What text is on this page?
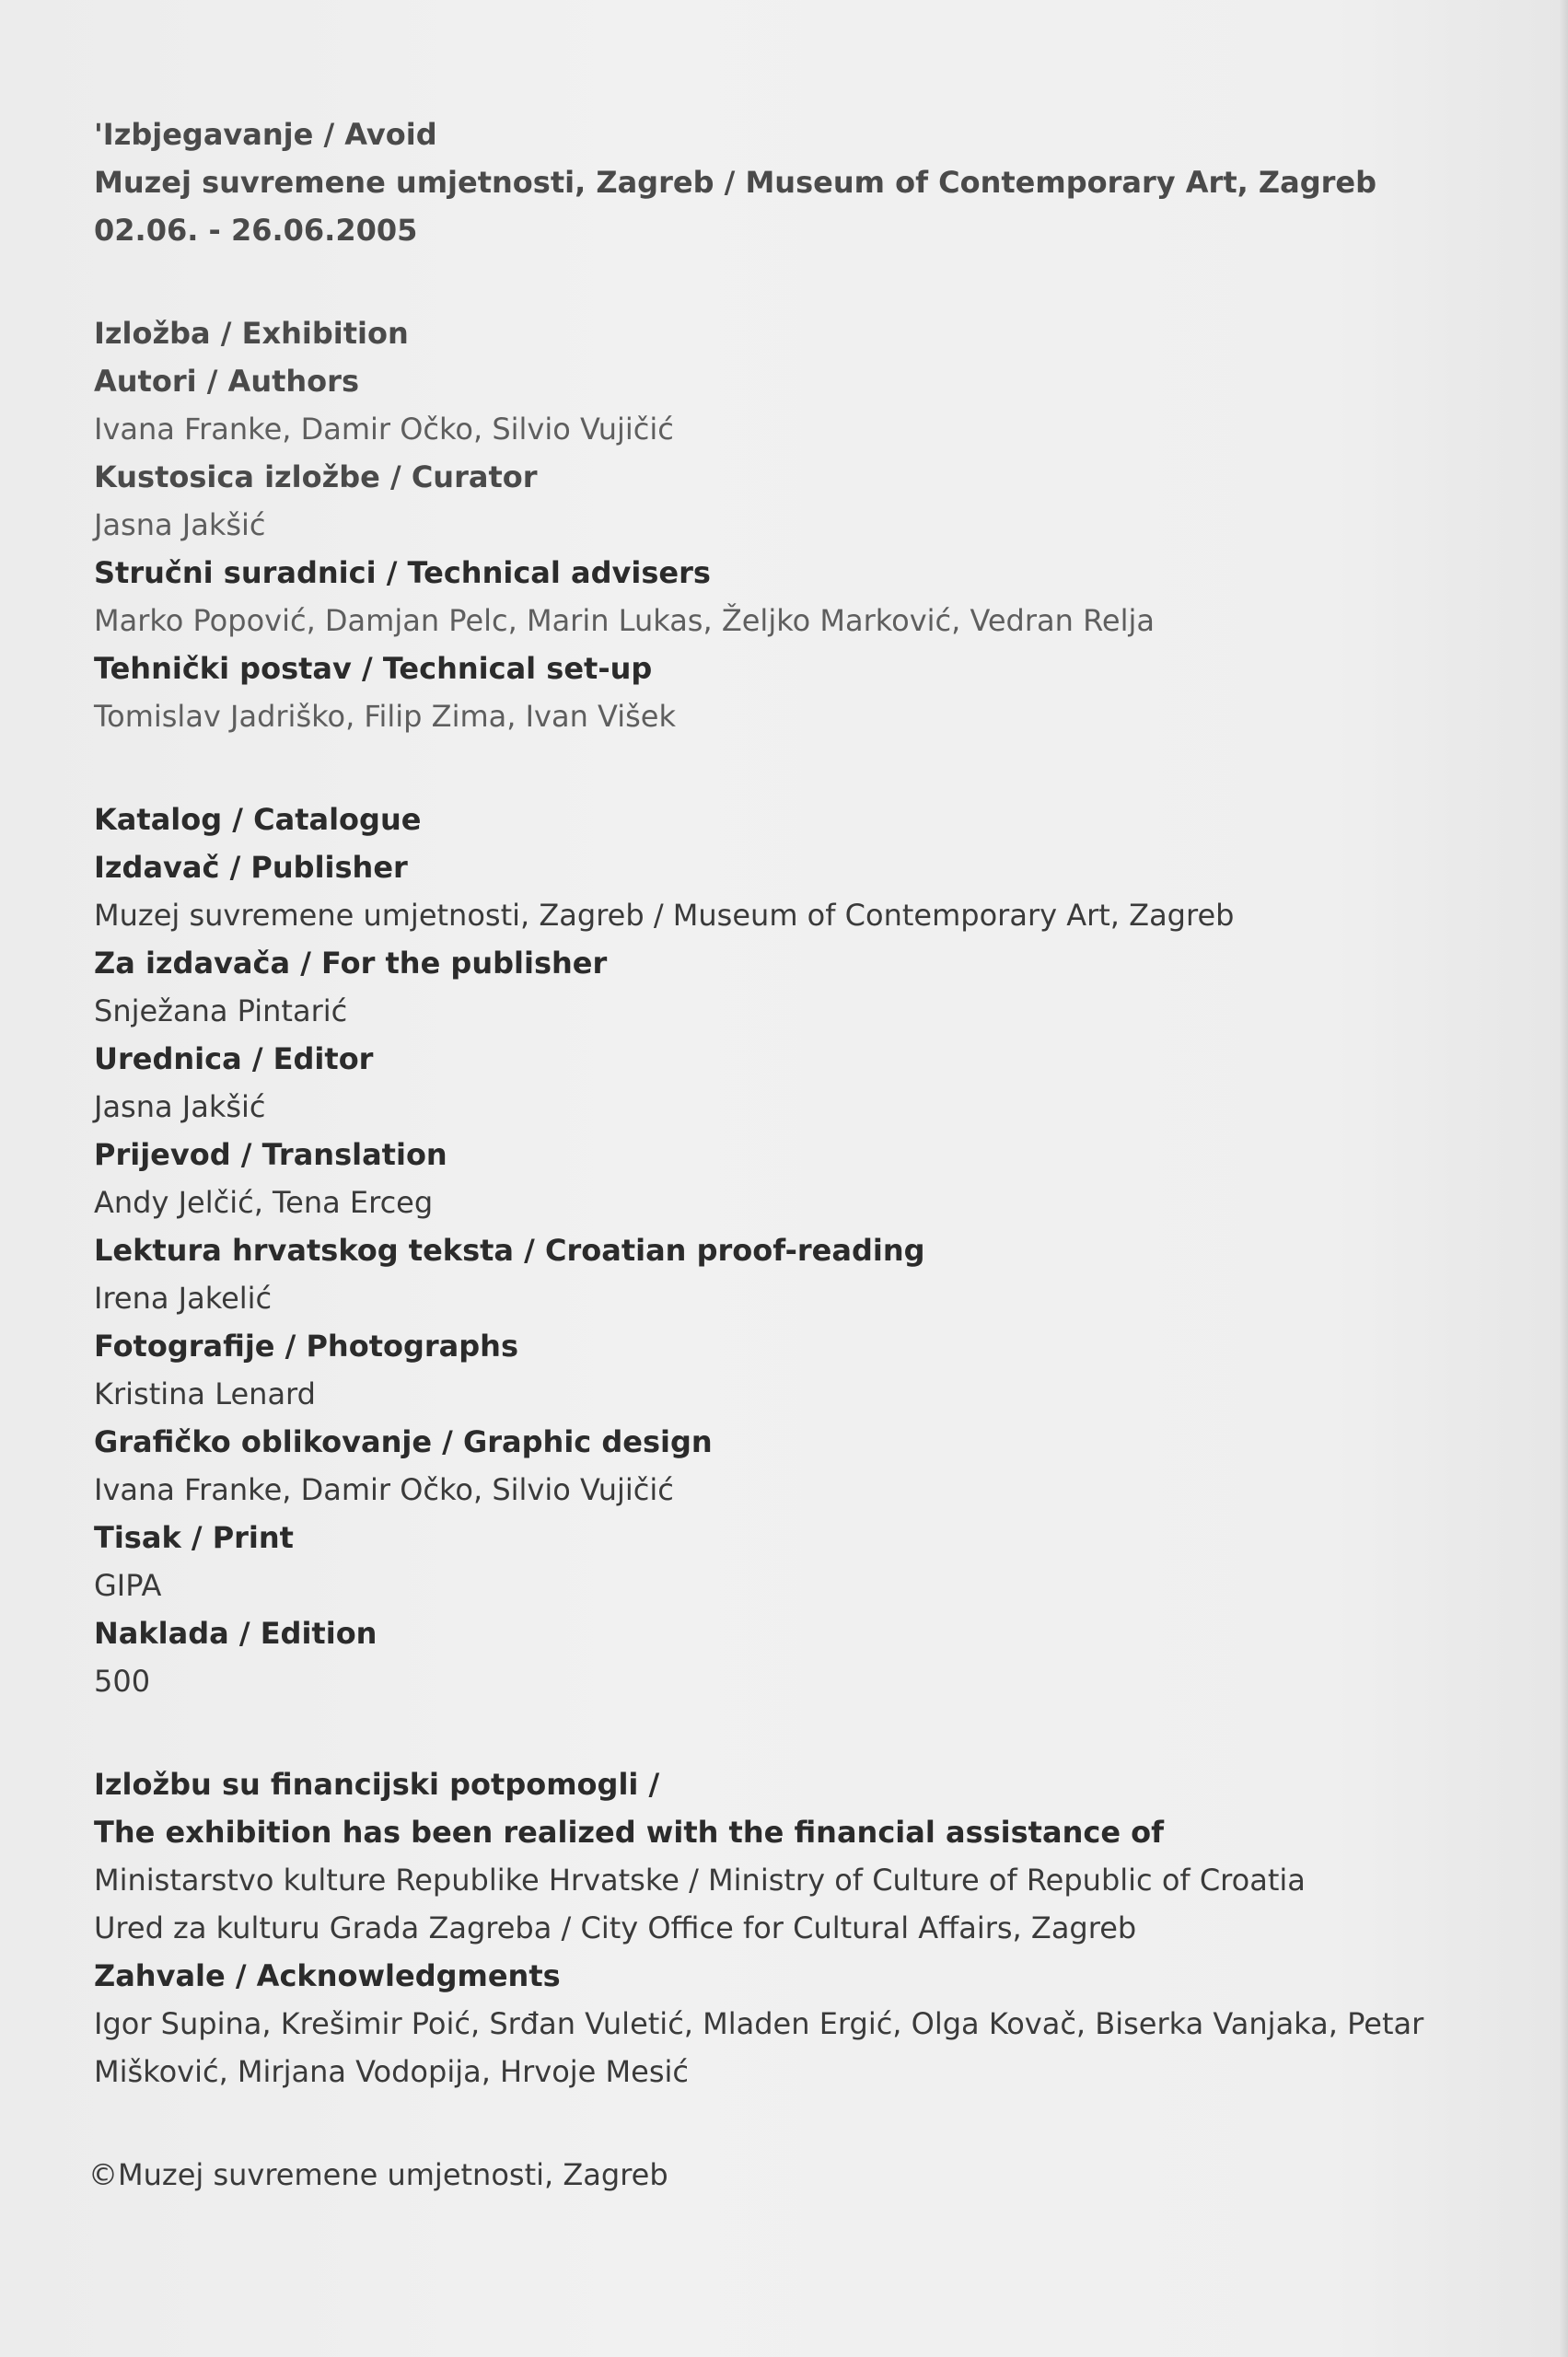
'Izbjegavanje / Avoid
Muzej suvremene umjetnosti, Zagreb / Museum of Contemporary Art, Zagreb
02.06. - 26.06.2005
Izložba / Exhibition
Autori / Authors
Ivana Franke, Damir Očko, Silvio Vujičić
Kustosica izložbe / Curator
Jasna Jakšić
Stručni suradnici / Technical advisers
Marko Popović, Damjan Pelc, Marin Lukas, Željko Marković, Vedran Relja
Tehnički postav / Technical set-up
Tomislav Jadriško, Filip Zima, Ivan Višek
Katalog / Catalogue
Izdavač / Publisher
Muzej suvremene umjetnosti, Zagreb / Museum of Contemporary Art, Zagreb
Za izdavača / For the publisher
Snježana Pintarić
Urednica / Editor
Jasna Jakšić
Prijevod / Translation
Andy Jelčić, Tena Erceg
Lektura hrvatskog teksta / Croatian proof-reading
Irena Jakelić
Fotografije / Photographs
Kristina Lenard
Grafičko oblikovanje / Graphic design
Ivana Franke, Damir Očko, Silvio Vujičić
Tisak / Print
GIPA
Naklada / Edition
500
Izložbu su financijski potpomogli /
The exhibition has been realized with the financial assistance of
Ministarstvo kulture Republike Hrvatske / Ministry of Culture of Republic of Croatia
Ured za kulturu Grada Zagreba / City Office for Cultural Affairs, Zagreb
Zahvale / Acknowledgments
Igor Supina, Krešimir Poić, Srđan Vuletić, Mladen Ergić, Olga Kovač, Biserka Vanjaka, Petar
Mišković, Mirjana Vodopija, Hrvoje Mesić
©Muzej suvremene umjetnosti, Zagreb
